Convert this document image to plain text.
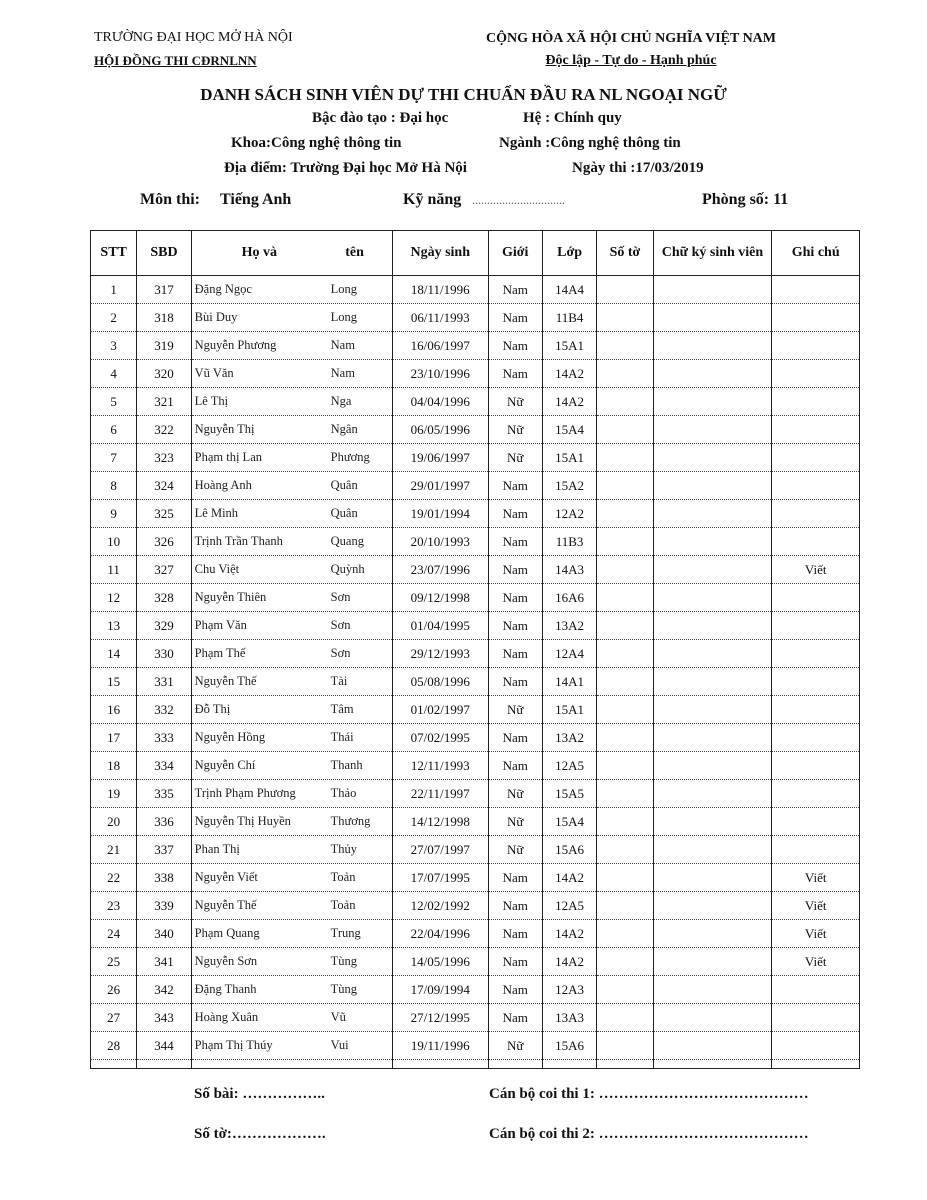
TRƯỜNG ĐẠI HỌC MỞ HÀ NỘI
HỘI ĐỒNG THI CĐRNLNN
CỘNG HÒA XÃ HỘI CHỦ NGHĨA VIỆT NAM
Độc lập - Tự do - Hạnh phúc
DANH SÁCH SINH VIÊN DỰ THI CHUẨN ĐẦU RA NL NGOẠI NGỮ
Bậc đào tạo : Đại học	Hệ : Chính quy
Khoa:Công nghệ thông tin	Ngành :Công nghệ thông tin
Địa điểm: Trường Đại học Mở Hà Nội	Ngày thi :17/03/2019
Môn thi: Tiếng Anh	Kỹ năng ...............................	Phòng số: 11
STT	SBD	Họ và tên	Ngày sinh	Giới	Lớp	Số tờ	Chữ ký sinh viên	Ghi chú
1	317	Đặng Ngọc Long	18/11/1996	Nam	14A4			
2	318	Bùi Duy Long	06/11/1993	Nam	11B4			
3	319	Nguyễn Phương Nam	16/06/1997	Nam	15A1			
4	320	Vũ Văn Nam	23/10/1996	Nam	14A2			
5	321	Lê Thị Nga	04/04/1996	Nữ	14A2			
6	322	Nguyễn Thị Ngân	06/05/1996	Nữ	15A4			
7	323	Phạm thị Lan Phương	19/06/1997	Nữ	15A1			
8	324	Hoàng Anh Quân	29/01/1997	Nam	15A2			
9	325	Lê Minh Quân	19/01/1994	Nam	12A2			
10	326	Trịnh Trần Thanh Quang	20/10/1993	Nam	11B3			
11	327	Chu Việt Quỳnh	23/07/1996	Nam	14A3			Viết
12	328	Nguyễn Thiên Sơn	09/12/1998	Nam	16A6			
13	329	Phạm Văn Sơn	01/04/1995	Nam	13A2			
14	330	Phạm Thế Sơn	29/12/1993	Nam	12A4			
15	331	Nguyễn Thế Tài	05/08/1996	Nam	14A1			
16	332	Đỗ Thị Tâm	01/02/1997	Nữ	15A1			
17	333	Nguyễn Hồng Thái	07/02/1995	Nam	13A2			
18	334	Nguyễn Chí Thanh	12/11/1993	Nam	12A5			
19	335	Trịnh Phạm Phương Thảo	22/11/1997	Nữ	15A5			
20	336	Nguyễn Thị Huyền Thương	14/12/1998	Nữ	15A4			
21	337	Phan Thị Thủy	27/07/1997	Nữ	15A6			
22	338	Nguyễn Viết Toản	17/07/1995	Nam	14A2			Viết
23	339	Nguyễn Thế Toản	12/02/1992	Nam	12A5			Viết
24	340	Phạm Quang Trung	22/04/1996	Nam	14A2			Viết
25	341	Nguyễn Sơn Tùng	14/05/1996	Nam	14A2			Viết
26	342	Đặng Thanh Tùng	17/09/1994	Nam	12A3			
27	343	Hoàng Xuân Vũ	27/12/1995	Nam	13A3			
28	344	Phạm Thị Thúy Vui	19/11/1996	Nữ	15A6			

Số bài: ……………..
Số tờ:……………….
Cán bộ coi thi 1: ……………………………………
Cán bộ coi thi 2: ……………………………………
